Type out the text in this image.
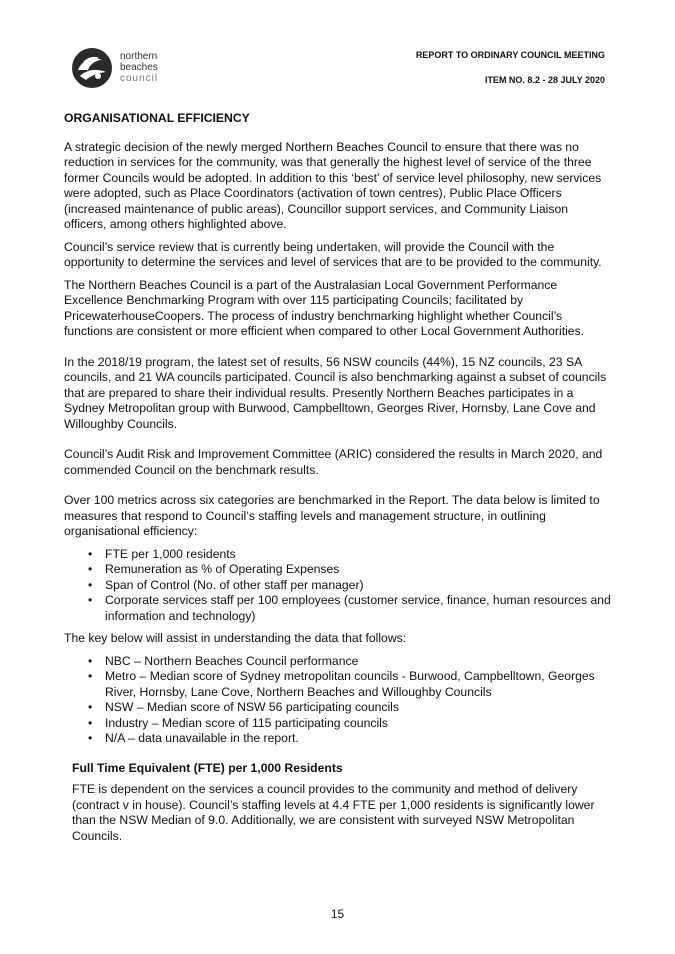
northern
beaches
council
REPORT TO ORDINARY COUNCIL MEETING
ITEM NO. 8.2 - 28 JULY 2020
ORGANISATIONAL EFFICIENCY

A strategic decision of the newly merged Northern Beaches Council to ensure that there was no reduction in services for the community, was that generally the highest level of service of the three former Councils would be adopted. In addition to this ‘best’ of service level philosophy, new services were adopted, such as Place Coordinators (activation of town centres), Public Place Officers (increased maintenance of public areas), Councillor support services, and Community Liaison officers, among others highlighted above.

Council’s service review that is currently being undertaken, will provide the Council with the opportunity to determine the services and level of services that are to be provided to the community.

The Northern Beaches Council is a part of the Australasian Local Government Performance Excellence Benchmarking Program with over 115 participating Councils; facilitated by PricewaterhouseCoopers. The process of industry benchmarking highlight whether Council’s functions are consistent or more efficient when compared to other Local Government Authorities.

In the 2018/19 program, the latest set of results, 56 NSW councils (44%), 15 NZ councils, 23 SA councils, and 21 WA councils participated. Council is also benchmarking against a subset of councils that are prepared to share their individual results. Presently Northern Beaches participates in a Sydney Metropolitan group with Burwood, Campbelltown, Georges River, Hornsby, Lane Cove and Willoughby Councils.

Council’s Audit Risk and Improvement Committee (ARIC) considered the results in March 2020, and commended Council on the benchmark results.

Over 100 metrics across six categories are benchmarked in the Report. The data below is limited to measures that respond to Council’s staffing levels and management structure, in outlining organisational efficiency:

• FTE per 1,000 residents
• Remuneration as % of Operating Expenses
• Span of Control (No. of other staff per manager)
• Corporate services staff per 100 employees (customer service, finance, human resources and information and technology)

The key below will assist in understanding the data that follows:

• NBC – Northern Beaches Council performance
• Metro – Median score of Sydney metropolitan councils - Burwood, Campbelltown, Georges River, Hornsby, Lane Cove, Northern Beaches and Willoughby Councils
• NSW – Median score of NSW 56 participating councils
• Industry – Median score of 115 participating councils
• N/A – data unavailable in the report.
Full Time Equivalent (FTE) per 1,000 Residents

FTE is dependent on the services a council provides to the community and method of delivery (contract v in house). Council’s staffing levels at 4.4 FTE per 1,000 residents is significantly lower than the NSW Median of 9.0. Additionally, we are consistent with surveyed NSW Metropolitan Councils.

15
